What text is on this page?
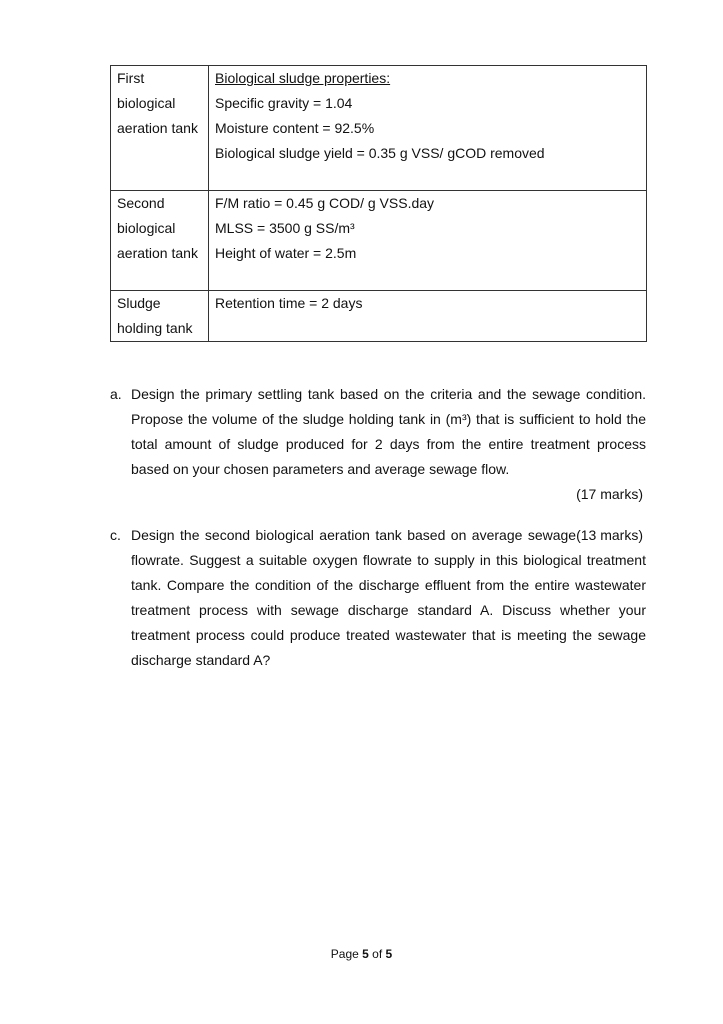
First
biological
aeration tank	Biological sludge properties:
Specific gravity = 1.04
Moisture content = 92.5%
Biological sludge yield = 0.35 g VSS/ gCOD removed

Second
biological
aeration tank	F/M ratio = 0.45 g COD/ g VSS.day
MLSS = 3500 g SS/m³
Height of water = 2.5m

Sludge
holding tank	Retention time = 2 days
a. Design the primary settling tank based on the criteria and the sewage condition. Propose the volume of the sludge holding tank in (m³) that is sufficient to hold the total amount of sludge produced for 2 days from the entire treatment process based on your chosen parameters and average sewage flow.
(17 marks)
c.	(13 marks)
Design the second biological aeration tank based on average sewage flowrate. Suggest a suitable oxygen flowrate to supply in this biological treatment tank. Compare the condition of the discharge effluent from the entire wastewater treatment process with sewage discharge standard A. Discuss whether your treatment process could produce treated wastewater that is meeting the sewage discharge standard A?
Page 5 of 5
